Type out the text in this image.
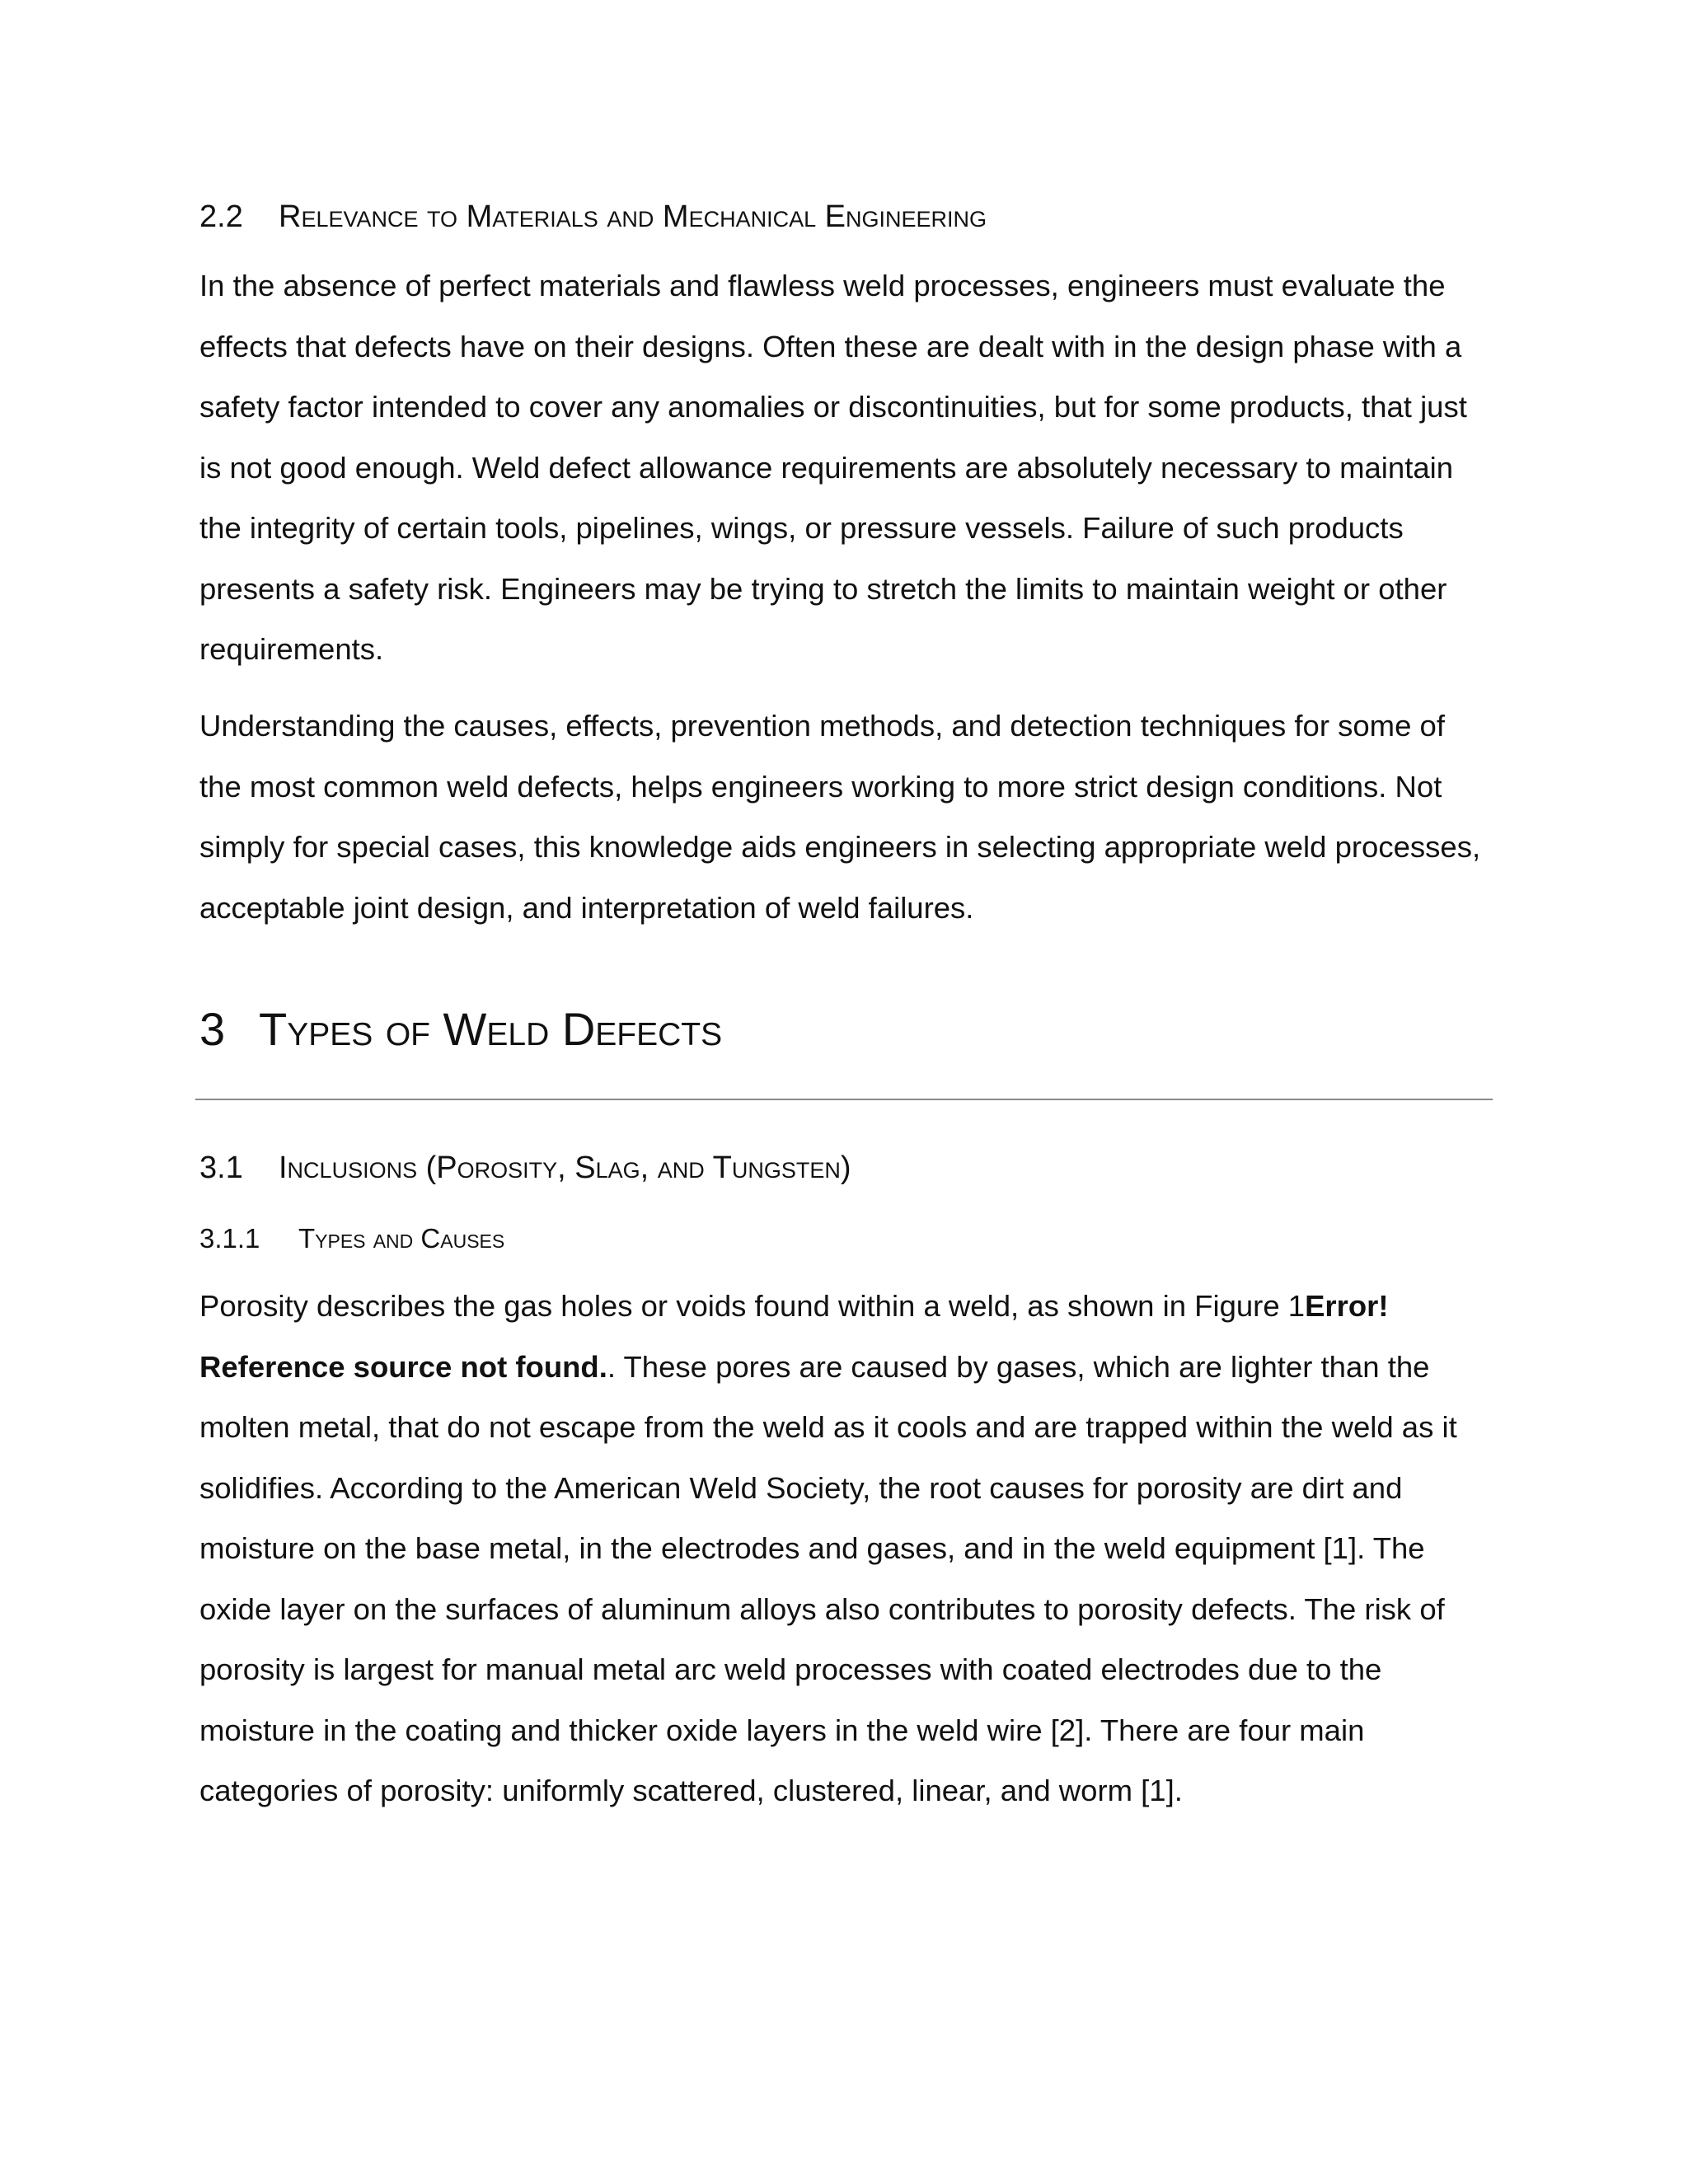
2.2 Relevance to Materials and Mechanical Engineering

In the absence of perfect materials and flawless weld processes, engineers must evaluate the effects that defects have on their designs. Often these are dealt with in the design phase with a safety factor intended to cover any anomalies or discontinuities, but for some products, that just is not good enough. Weld defect allowance requirements are absolutely necessary to maintain the integrity of certain tools, pipelines, wings, or pressure vessels. Failure of such products presents a safety risk. Engineers may be trying to stretch the limits to maintain weight or other requirements.

Understanding the causes, effects, prevention methods, and detection techniques for some of the most common weld defects, helps engineers working to more strict design conditions. Not simply for special cases, this knowledge aids engineers in selecting appropriate weld processes, acceptable joint design, and interpretation of weld failures.

3 Types of Weld Defects
3.1 Inclusions (Porosity, Slag, and Tungsten)
3.1.1 Types and Causes

Porosity describes the gas holes or voids found within a weld, as shown in Figure 1Error! Reference source not found.. These pores are caused by gases, which are lighter than the molten metal, that do not escape from the weld as it cools and are trapped within the weld as it solidifies. According to the American Weld Society, the root causes for porosity are dirt and moisture on the base metal, in the electrodes and gases, and in the weld equipment [1]. The oxide layer on the surfaces of aluminum alloys also contributes to porosity defects. The risk of porosity is largest for manual metal arc weld processes with coated electrodes due to the moisture in the coating and thicker oxide layers in the weld wire [2]. There are four main categories of porosity: uniformly scattered, clustered, linear, and worm [1].
